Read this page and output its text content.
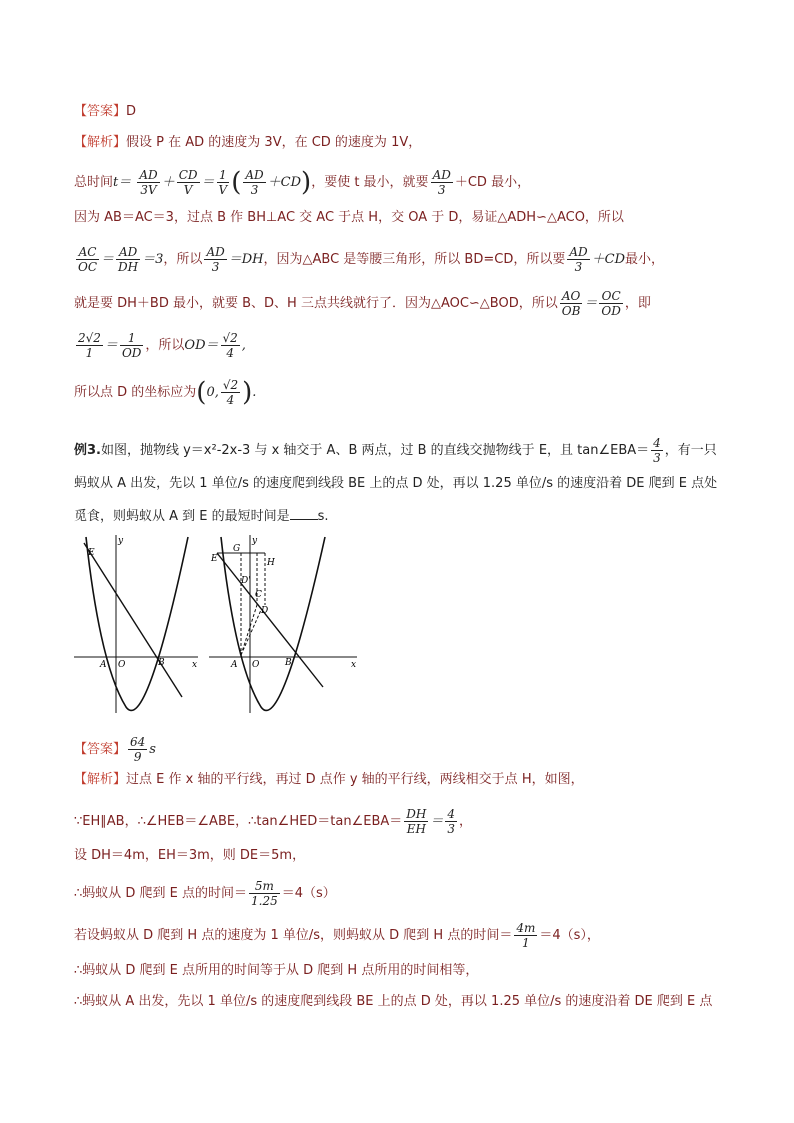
【答案】D
【解析】假设 P 在 AD 的速度为 3V，在 CD 的速度为 1V，
总时间$t= \frac{AD}{3V} + \frac{CD}{V} = \frac{1}{V}$ ( $\frac{AD}{3} +CD$)，要使 t 最小，就要 $\frac{AD}{3} +CD$ 最小，
因为 AB＝AC＝3，过点 B 作 BH⊥AC 交 AC 于点 H，交 OA 于 D，易证△ADH∽△ACO，所以
$\frac{AC}{OC} = \frac{AD}{DH} =3$，所以 $\frac{AD}{3} =DH$，因为△ABC 是等腰三角形，所以 BD=CD，所以要 $\frac{AD}{3} +CD$最小，
就是要 DH＋BD 最小，就要 B、D、H 三点共线就行了．因为△AOC∽△BOD，所以 $\frac{AO}{OB} = \frac{OC}{OD}$ ，即
$\frac{2√2}{1} = \frac{1}{OD}$ ，所以$OD= \frac{√2}{4}$ ,
所以点 D 的坐标应为(0, $\frac{√2}{4}$ ).
例3.如图，抛物线 y＝x²-2x-3 与 x 轴交于 A、B 两点，过 B 的直线交抛物线于 E，且 tan∠EBA＝ $\frac{4}{3}$ ，有一只
蚂蚁从 A 出发，先以 1 单位/s 的速度爬到线段 BE 上的点 D 处，再以 1.25 单位/s 的速度沿着 DE 爬到 E 点处
觅食，则蚂蚁从 A 到 E 的最短时间是 s.
E
y
A O	B	x
G
H
E
D'
C
D
A O	B	x
y
【答案】 $\frac{64}{9}$ s
【解析】过点 E 作 x 轴的平行线，再过 D 点作 y 轴的平行线，两线相交于点 H，如图，
∵EH∥AB，∴∠HEB＝∠ABE，∴tan∠HED＝tan∠EBA＝ $\frac{DH}{EH} = \frac{4}{3}$ ，
设 DH＝4m，EH＝3m，则 DE＝5m，
∴蚂蚁从 D 爬到 E 点的时间＝ $\frac{5m}{1.25} =4(s)$
若设蚂蚁从 D 爬到 H 点的速度为 1 单位/s，则蚂蚁从 D 爬到 H 点的时间＝ $\frac{4m}{1} =4(s)$，
∴蚂蚁从 D 爬到 E 点所用的时间等于从 D 爬到 H 点所用的时间相等，
∴蚂蚁从 A 出发，先以 1 单位/s 的速度爬到线段 BE 上的点 D 处，再以 1.25 单位/s 的速度沿着 DE 爬到 E 点
